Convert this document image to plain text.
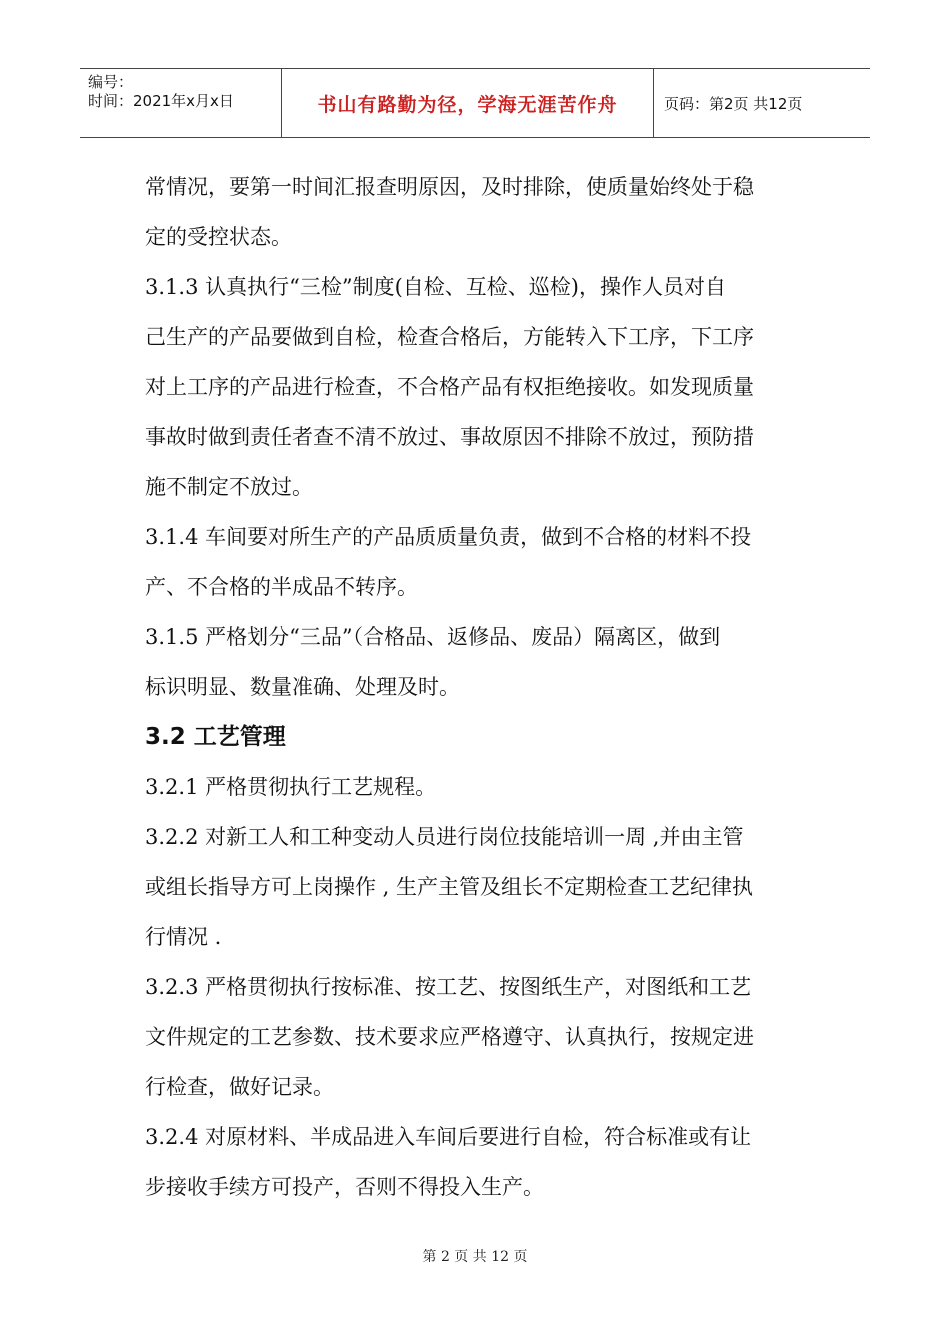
编号：
时间：2021年x月x日	书山有路勤为径，学海无涯苦作舟	页码：第2页 共12页

常情况，要第一时间汇报查明原因，及时排除，使质量始终处于稳

定的受控状态。

3.1.3 认真执行“三检”制度(自检、互检、巡检)，操作人员对自

己生产的产品要做到自检，检查合格后，方能转入下工序，下工序

对上工序的产品进行检查，不合格产品有权拒绝接收。如发现质量

事故时做到责任者查不清不放过、事故原因不排除不放过，预防措

施不制定不放过。

3.1.4 车间要对所生产的产品质质量负责，做到不合格的材料不投

产、不合格的半成品不转序。

3.1.5 严格划分“三品”（合格品、返修品、废品）隔离区，做到

标识明显、数量准确、处理及时。

3.2 工艺管理

3.2.1 严格贯彻执行工艺规程。

3.2.2 对新工人和工种变动人员进行岗位技能培训一周 ,并由主管

或组长指导方可上岗操作 , 生产主管及组长不定期检查工艺纪律执

行情况 .

3.2.3 严格贯彻执行按标准、按工艺、按图纸生产，对图纸和工艺

文件规定的工艺参数、技术要求应严格遵守、认真执行，按规定进

行检查，做好记录。

3.2.4 对原材料、半成品进入车间后要进行自检，符合标准或有让

步接收手续方可投产，否则不得投入生产。

第 2 页 共 12 页
